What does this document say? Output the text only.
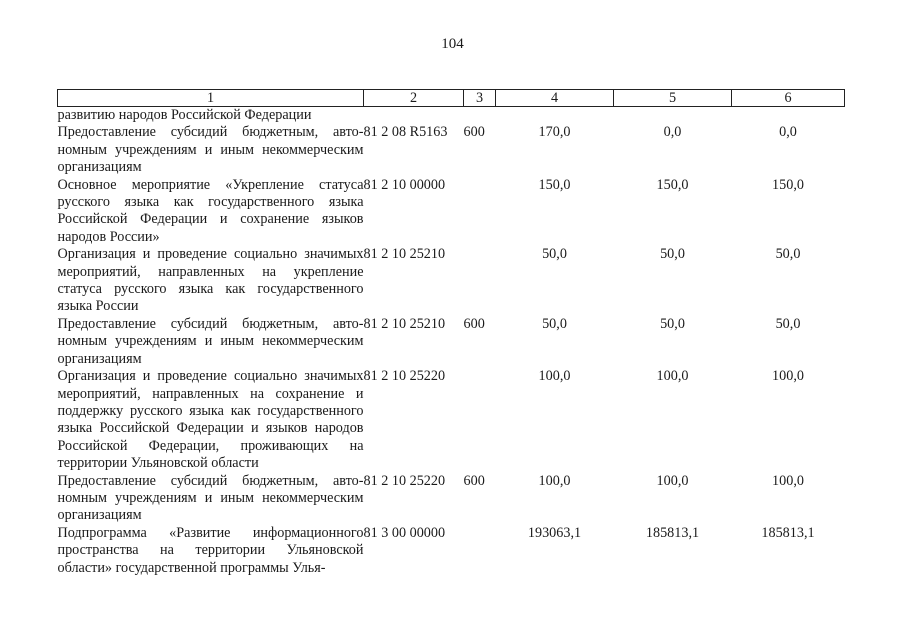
104
1	2	3	4	5	6
развитию народов Российской Федерации					
Предоставление субсидий бюджетным, автономным учреждениям и иным некоммерческим организациям	81 2 08 R5163	600	170,0	0,0	0,0
Основное мероприятие «Укрепление статуса русского языка как государственного языка Российской Федерации и сохранение языков народов России»	81 2 10 00000		150,0	150,0	150,0
Организация и проведение социально значимых мероприятий, направленных на укрепление статуса русского языка как государственного языка России	81 2 10 25210		50,0	50,0	50,0
Предоставление субсидий бюджетным, автономным учреждениям и иным некоммерческим организациям	81 2 10 25210	600	50,0	50,0	50,0
Организация и проведение социально значимых мероприятий, направленных на сохранение и поддержку русского языка как государственного языка Российской Федерации и языков народов Российской Федерации, проживающих на территории Ульяновской области	81 2 10 25220		100,0	100,0	100,0
Предоставление субсидий бюджетным, автономным учреждениям и иным некоммерческим организациям	81 2 10 25220	600	100,0	100,0	100,0
Подпрограмма «Развитие информационного пространства на территории Ульяновской области» государственной программы Улья-	81 3 00 00000		193063,1	185813,1	185813,1
